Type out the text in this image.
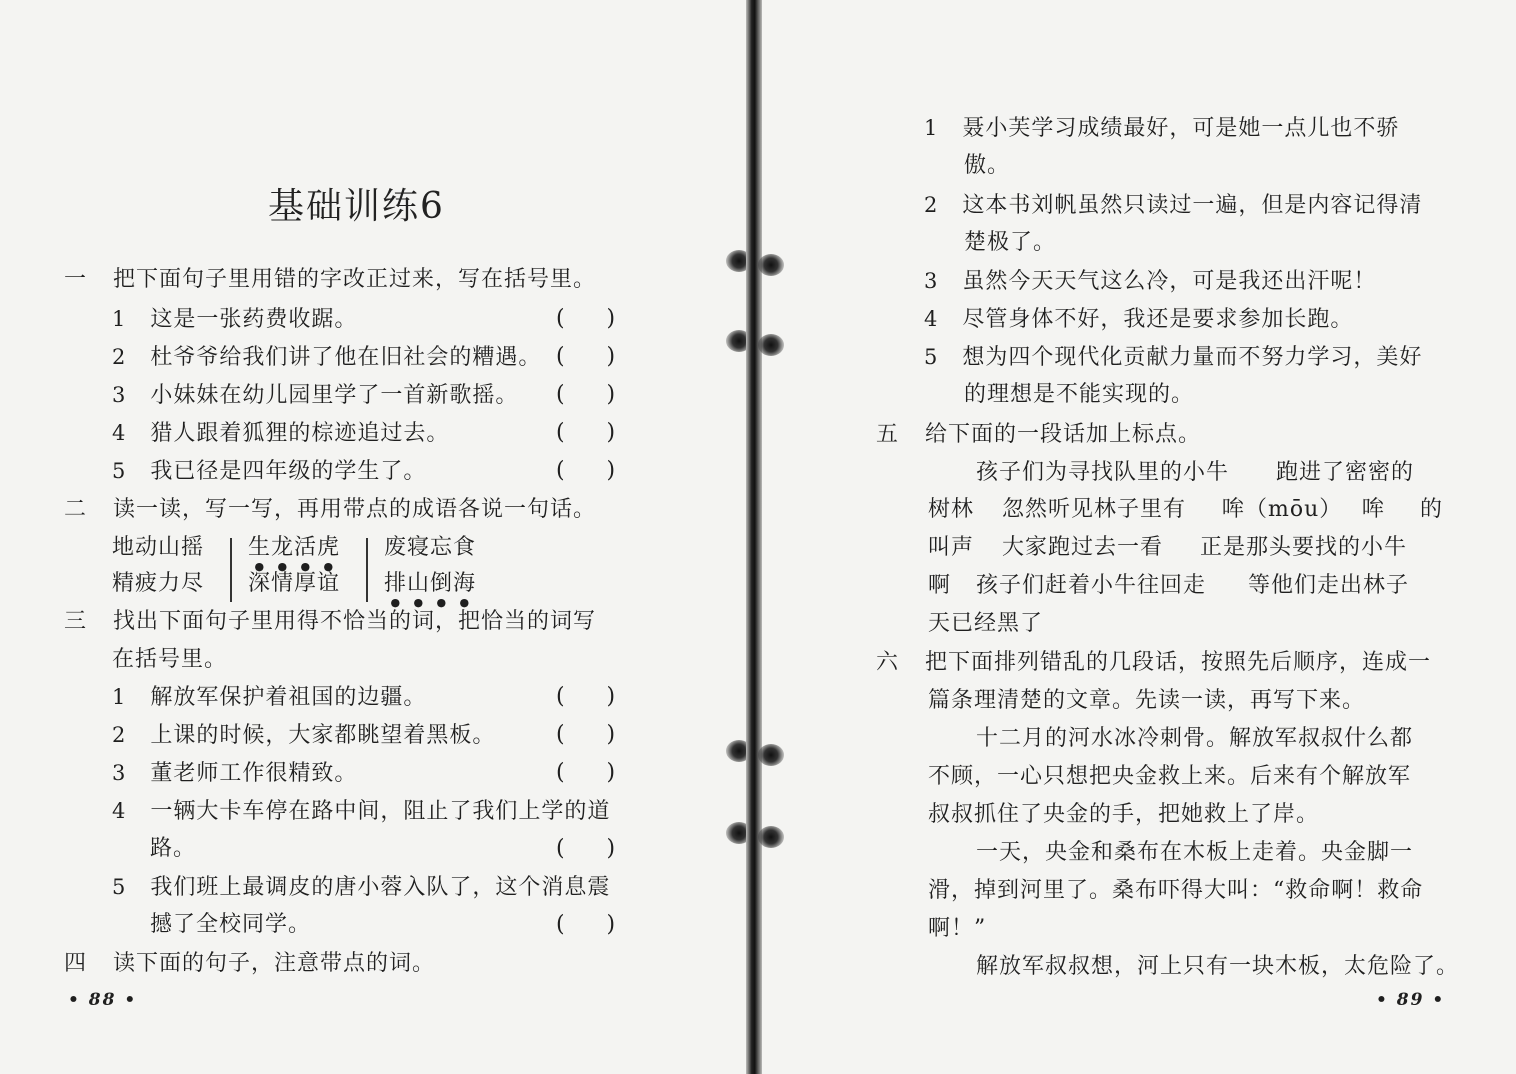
基础训练6
一 把下面句子里用错的字改正过来，写在括号里。
1 这是一张药费收踞。	(      )
2 杜爷爷给我们讲了他在旧社会的糟遇。 (      )
3 小妹妹在幼儿园里学了一首新歌摇。 (      )
4 猎人跟着狐狸的棕迹追过去。	(      )
5 我已径是四年级的学生了。	(      )
二 读一读，写一写，再用带点的成语各说一句话。
地动山摇 生龙活虎 废寝忘食
精疲力尽 深情厚谊 排山倒海
三 找出下面句子里用得不恰当的词，把恰当的词写
在括号里。
1 解放军保护着祖国的边疆。	(      )
2 上课的时候，大家都眺望着黑板。	(      )
3 董老师工作很精致。	(      )
4 一辆大卡车停在路中间，阻止了我们上学的道
路。	(      )
5 我们班上最调皮的唐小蓉入队了，这个消息震
撼了全校同学。	(      )
四 读下面的句子，注意带点的词。
• 88 •
1 聂小芙学习成绩最好，可是她一点儿也不骄
傲。
2 这本书刘帆虽然只读过一遍，但是内容记得清
楚极了。
3 虽然今天天气这么冷，可是我还出汗呢！
4 尽管身体不好，我还是要求参加长跑。
5 想为四个现代化贡献力量而不努力学习，美好
的理想是不能实现的。
五 给下面的一段话加上标点。
孩子们为寻找队里的小牛 跑进了密密的
树林 忽然听见林子里有 哞（mōu） 哞 的
叫声 大家跑过去一看 正是那头要找的小牛
啊 孩子们赶着小牛往回走 等他们走出林子
天已经黑了
六 把下面排列错乱的几段话，按照先后顺序，连成一
篇条理清楚的文章。先读一读，再写下来。
十二月的河水冰冷刺骨。解放军叔叔什么都
不顾，一心只想把央金救上来。后来有个解放军
叔叔抓住了央金的手，把她救上了岸。
一天，央金和桑布在木板上走着。央金脚一
滑，掉到河里了。桑布吓得大叫：“救命啊！救命
啊！”
解放军叔叔想，河上只有一块木板，太危险了。
• 89 •
